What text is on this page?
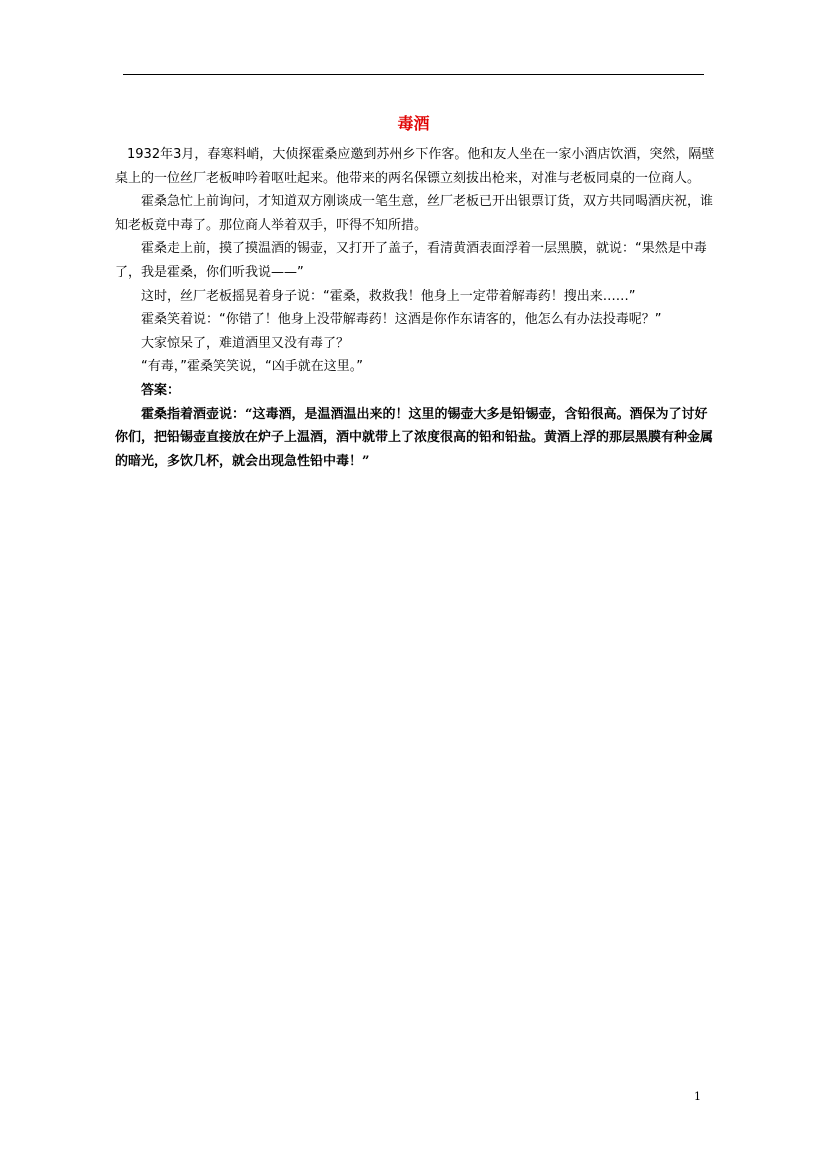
毒酒

1932年3月，春寒料峭，大侦探霍桑应邀到苏州乡下作客。他和友人坐在一家小酒店饮酒，突然，隔壁桌上的一位丝厂老板呻吟着呕吐起来。他带来的两名保镖立刻拔出枪来，对准与老板同桌的一位商人。

霍桑急忙上前询问，才知道双方刚谈成一笔生意，丝厂老板已开出银票订货，双方共同喝酒庆祝，谁知老板竟中毒了。那位商人举着双手，吓得不知所措。

霍桑走上前，摸了摸温酒的锡壶，又打开了盖子，看清黄酒表面浮着一层黑膜，就说：“果然是中毒了，我是霍桑，你们听我说——”

这时，丝厂老板摇晃着身子说：“霍桑，救救我！他身上一定带着解毒药！搜出来……”

霍桑笑着说：“你错了！他身上没带解毒药！这酒是你作东请客的，他怎么有办法投毒呢？”

大家惊呆了，难道酒里又没有毒了？

“有毒，”霍桑笑笑说，“凶手就在这里。”

答案：

霍桑指着酒壶说：“这毒酒，是温酒温出来的！这里的锡壶大多是铅锡壶，含铅很高。酒保为了讨好你们，把铅锡壶直接放在炉子上温酒，酒中就带上了浓度很高的铅和铅盐。黄酒上浮的那层黑膜有种金属的暗光，多饮几杯，就会出现急性铅中毒！”

1
